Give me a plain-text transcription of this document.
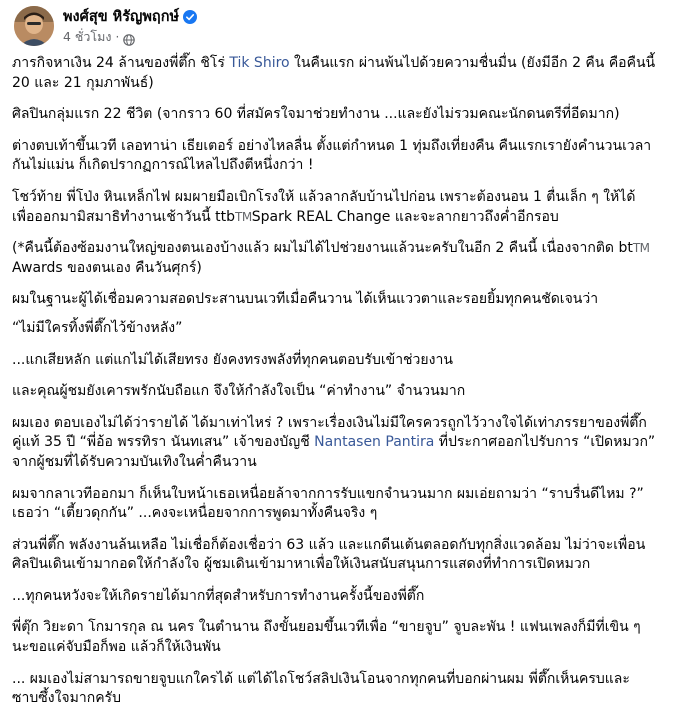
พงศ์สุข หิรัญพฤกษ์
4 ชั่วโมง ·

ภารกิจหาเงิน 24 ล้านของพี่ตึ๊ก ชิโร่ Tik Shiro ในคืนแรก ผ่านพ้นไปด้วยความชื่นมื่น (ยังมีอีก 2 คืน คือคืนนี้ 20 และ 21 กุมภาพันธ์)

ศิลปินกลุ่มแรก 22 ชีวิต (จากราว 60 ที่สมัครใจมาช่วยทำงาน ...และยังไม่รวมคณะนักดนตรีที่อีดมาก)

ต่างตบเท้าขึ้นเวที เลอทาน่า เธียเตอร์ อย่างไหลลื่น ตั้งแต่กำหนด 1 ทุ่มถึงเที่ยงคืน คืนแรกเรายังคำนวนเวลากันไม่แม่น ก็เกิดปรากฏการณ์ไหลไปถึงตีหนึ่งกว่า !

โชว์ท้าย พี่โป่ง หินเหล็กไฟ ผมผายมือเบิกโรงให้ แล้วลากลับบ้านไปก่อน เพราะต้องนอน 1 ตื่นเล็ก ๆ ให้ได้ เพื่อออกมามิสมาธิทำงานเช้าวันนี้ ttbTMSpark REAL Change และจะลากยาวถึงค่ำอีกรอบ

(*คืนนี้ต้องซ้อมงานใหญ่ของตนเองบ้างแล้ว ผมไม่ได้ไปช่วยงานแล้วนะครับในอีก 2 คืนนี้ เนื่องจากติด btTM Awards ของตนเอง คืนวันศุกร์)

ผมในฐานะผู้ได้เชื่อมความสอดประสานบนเวทีเมื่อคืนวาน ได้เห็นแววตาและรอยยิ้มทุกคนชัดเจนว่า

“ไม่มีใครทิ้งพี่ตึ๊กไว้ข้างหลัง”

...แกเสียหลัก แต่แกไม่ได้เสียทรง ยังคงทรงพลังที่ทุกคนตอบรับเข้าช่วยงาน

และคุณผู้ชมยังเคารพรักนับถือแก จึงให้กำลังใจเป็น “ค่าทำงาน” จำนวนมาก

ผมเอง ตอบเองไม่ได้ว่ารายได้ ได้มาเท่าไหร่ ? เพราะเรื่องเงินไม่มีใครควรถูกไว้วางใจได้เท่าภรรยาของพี่ตึ๊ก คู่แท้ 35 ปี “พี่อ้อ พรรทิรา นันทเสน” เจ้าของบัญชี Nantasen Pantira ที่ประกาศออกไปรับการ “เปิดหมวก” จากผู้ชมที่ได้รับความบันเทิงในค่ำคืนวาน

ผมจากลาเวทีออกมา ก็เห็นใบหน้าเธอเหนื่อยล้าจากการรับแขกจำนวนมาก ผมเอ่ยถามว่า “ราบรื่นดีไหม ?” เธอว่า “เตี้ยวดุกกัน” ...คงจะเหนื่อยจากการพูดมาทั้งคืนจริง ๆ

ส่วนพี่ตึ๊ก พลังงานล้นเหลือ ไม่เชื่อก็ต้องเชื่อว่า 63 แล้ว และแกดีนเต้นตลอดกับทุกสิ่งแวดล้อม ไม่ว่าจะเพื่อนศิลปินเดินเข้ามากอดให้กำลังใจ ผู้ชมเดินเข้ามาหาเพื่อให้เงินสนับสนุนการแสดงที่ทำการเปิดหมวก

...ทุกคนหวังจะให้เกิดรายได้มากที่สุดสำหรับการทำงานครั้งนี้ของพี่ตึ๊ก

พี่ตุ๊ก วิยะดา โกมารกุล ณ นคร ในตำนาน ถึงขั้นยอมขึ้นเวทีเพื่อ “ขายจูบ” จูบละพัน ! แฟนเพลงก็มีที่เขิน ๆ นะขอแค่จับมือก็พอ แล้วก็ให้เงินพัน

... ผมเองไม่สามารถขายจูบแกใครได้ แต่ได้ไถโชว์สลิปเงินโอนจากทุกคนที่บอกผ่านผม พี่ตึ๊กเห็นครบและซาบซึ้งใจมากครับ
